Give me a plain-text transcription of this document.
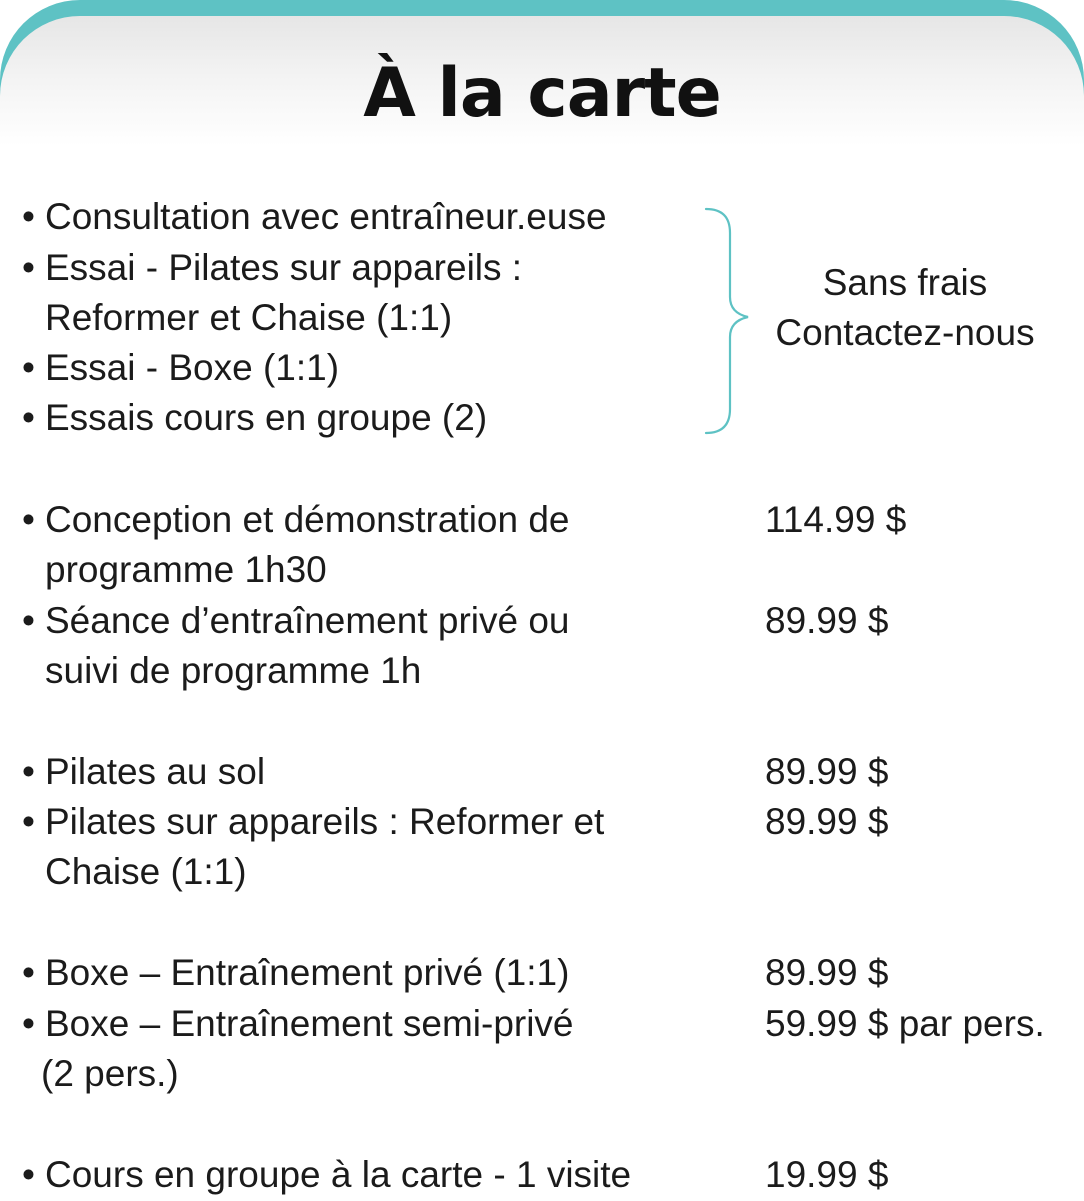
À la carte
• Consultation avec entraîneur.euse
• Essai - Pilates sur appareils :
Reformer et Chaise (1:1)
• Essai - Boxe (1:1)
• Essais cours en groupe (2)
Sans frais
Contactez-nous
• Conception et démonstration de
programme 1h30
114.99 $
• Séance d’entraînement privé ou
suivi de programme 1h
89.99 $
• Pilates au sol	89.99 $
• Pilates sur appareils : Reformer et
Chaise (1:1)
89.99 $
• Boxe – Entraînement privé (1:1)	89.99 $
• Boxe – Entraînement semi-privé
(2 pers.)
59.99 $ par pers.
• Cours en groupe à la carte - 1 visite	19.99 $
